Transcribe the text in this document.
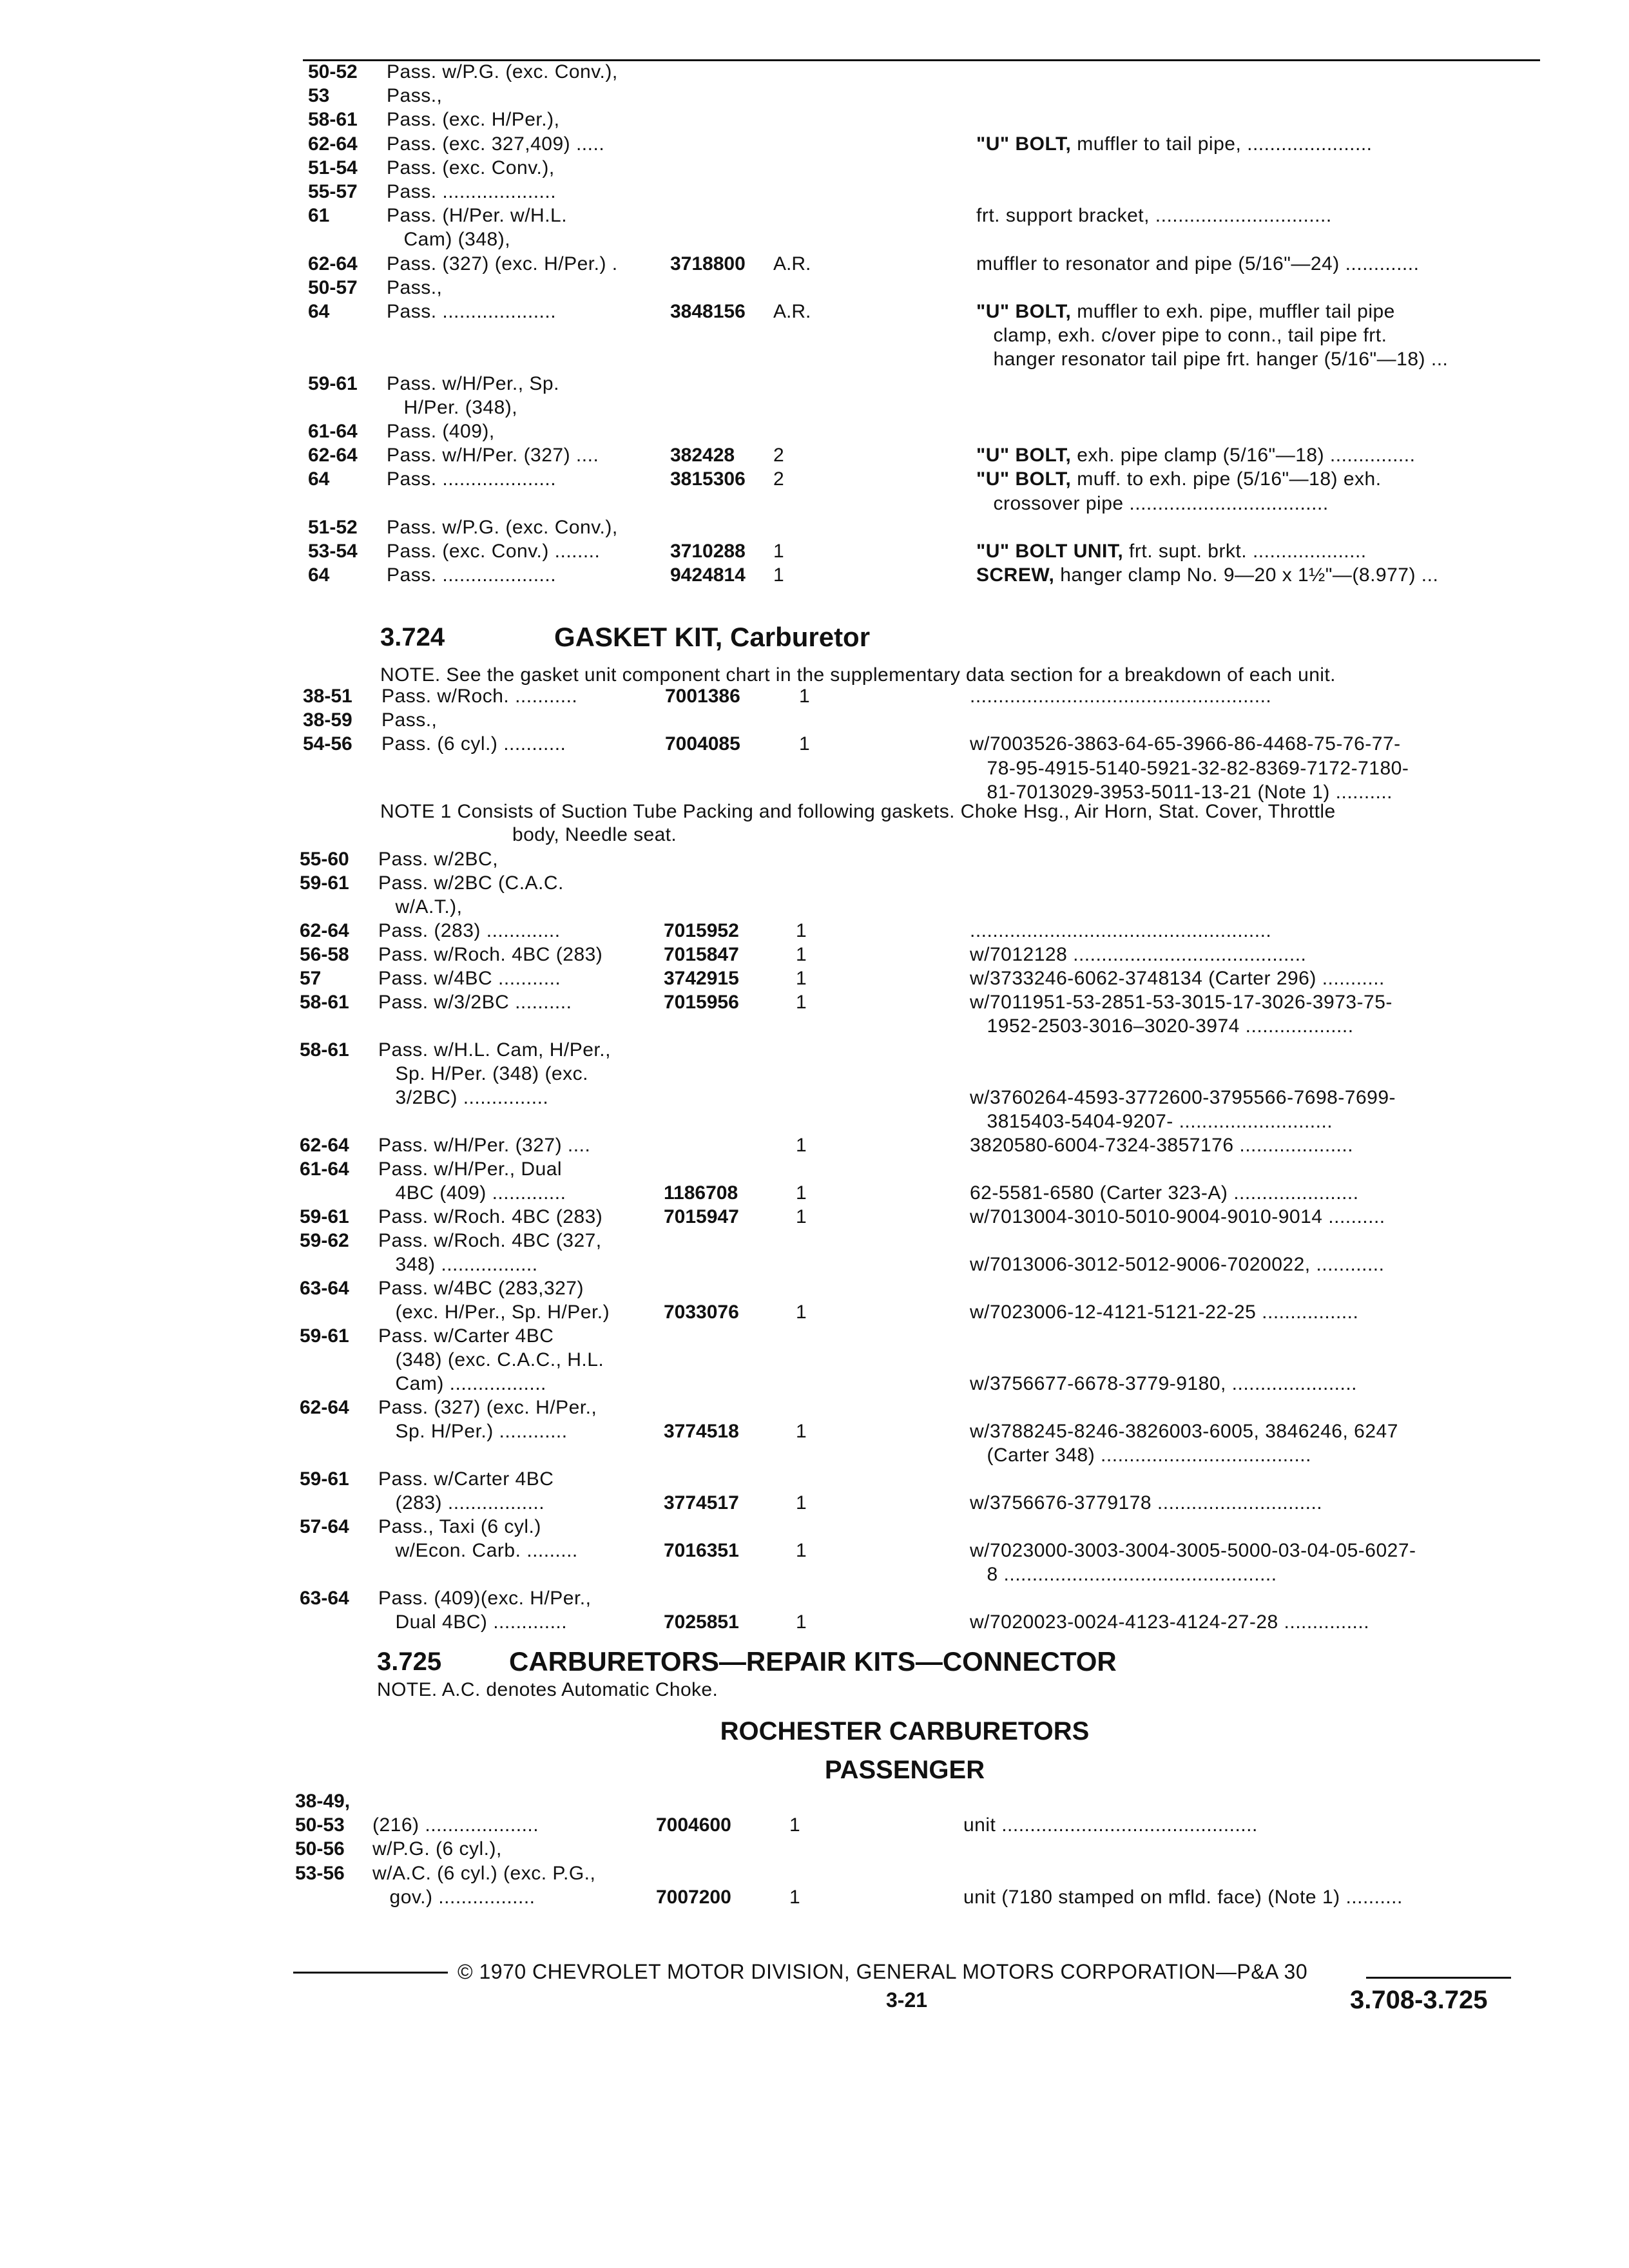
50-52 Pass. w/P.G. (exc. Conv.),
53	Pass.,
58-61 Pass. (exc. H/Per.),
62-64 Pass. (exc. 327,409) .....	"U" BOLT, muffler to tail pipe, ......................
51-54 Pass. (exc. Conv.),
55-57 Pass. ....................
61	Pass. (H/Per. w/H.L.	frt. support bracket, ...............................
Cam) (348),
62-64 Pass. (327) (exc. H/Per.) .	3718800 A.R.	muffler to resonator and pipe (5/16"—24) .............
50-57 Pass.,
64	Pass. ....................	3848156 A.R.	"U" BOLT, muffler to exh. pipe, muffler tail pipe
clamp, exh. c/over pipe to conn., tail pipe frt.
hanger resonator tail pipe frt. hanger (5/16"—18) ...
59-61 Pass. w/H/Per., Sp.
H/Per. (348),
61-64 Pass. (409),
62-64 Pass. w/H/Per. (327) ....	382428 2	"U" BOLT, exh. pipe clamp (5/16"—18) ...............
64	Pass. ....................	3815306 2	"U" BOLT, muff. to exh. pipe (5/16"—18) exh.
crossover pipe ...................................
51-52 Pass. w/P.G. (exc. Conv.),
53-54 Pass. (exc. Conv.) ........	3710288 1	"U" BOLT UNIT, frt. supt. brkt. ....................
64	Pass. ....................	9424814 1	SCREW, hanger clamp No. 9—20 x 1½"—(8.977) ...
3.724	GASKET KIT, Carburetor
NOTE. See the gasket unit component chart in the supplementary data section for a breakdown of each unit.
38-51 Pass. w/Roch. ...........	7001386	1	.....................................................
38-59 Pass.,
54-56 Pass. (6 cyl.) ...........	7004085	1	w/7003526-3863-64-65-3966-86-4468-75-76-77-
78-95-4915-5140-5921-32-82-8369-7172-7180-
81-7013029-3953-5011-13-21 (Note 1) ..........
NOTE 1 Consists of Suction Tube Packing and following gaskets. Choke Hsg., Air Horn, Stat. Cover, Throttle
body, Needle seat.
55-60 Pass. w/2BC,
59-61 Pass. w/2BC (C.A.C.
w/A.T.),
62-64 Pass. (283) .............	7015952	1	.....................................................
56-58 Pass. w/Roch. 4BC (283)	7015847	1	w/7012128 .........................................
57	Pass. w/4BC ...........	3742915	1	w/3733246-6062-3748134 (Carter 296) ...........
58-61 Pass. w/3/2BC ..........	7015956	1	w/7011951-53-2851-53-3015-17-3026-3973-75-
1952-2503-3016–3020-3974 ...................
58-61 Pass. w/H.L. Cam, H/Per.,
Sp. H/Per. (348) (exc.
3/2BC) ...............	w/3760264-4593-3772600-3795566-7698-7699-
3815403-5404-9207- ...........................
62-64 Pass. w/H/Per. (327) ....	1	3820580-6004-7324-3857176 ....................
61-64 Pass. w/H/Per., Dual
4BC (409) .............	1186708	1	62-5581-6580 (Carter 323-A) ......................
59-61 Pass. w/Roch. 4BC (283)	7015947	1	w/7013004-3010-5010-9004-9010-9014 ..........
59-62 Pass. w/Roch. 4BC (327,
348) .................	w/7013006-3012-5012-9006-7020022, ............
63-64 Pass. w/4BC (283,327)
(exc. H/Per., Sp. H/Per.)	7033076	1	w/7023006-12-4121-5121-22-25 .................
59-61 Pass. w/Carter 4BC
(348) (exc. C.A.C., H.L.
Cam) .................	w/3756677-6678-3779-9180, ......................
62-64 Pass. (327) (exc. H/Per.,
Sp. H/Per.) ............	3774518	1	w/3788245-8246-3826003-6005, 3846246, 6247
(Carter 348) .....................................
59-61 Pass. w/Carter 4BC
(283) .................	3774517	1	w/3756676-3779178 .............................
57-64 Pass., Taxi (6 cyl.)
w/Econ. Carb. .........	7016351	1	w/7023000-3003-3004-3005-5000-03-04-05-6027-
8 ................................................
63-64 Pass. (409)(exc. H/Per.,
Dual 4BC) .............	7025851	1	w/7020023-0024-4123-4124-27-28 ...............
3.725 CARBURETORS—REPAIR KITS—CONNECTOR
NOTE. A.C. denotes Automatic Choke.
ROCHESTER CARBURETORS
PASSENGER
38-49,
50-53 (216) ....................	7004600	1	unit .............................................
50-56 w/P.G. (6 cyl.),
53-56 w/A.C. (6 cyl.) (exc. P.G.,
gov.) .................	7007200	1	unit (7180 stamped on mfld. face) (Note 1) ..........
© 1970 CHEVROLET MOTOR DIVISION, GENERAL MOTORS CORPORATION—P&A 30
3-21	3.708-3.725
